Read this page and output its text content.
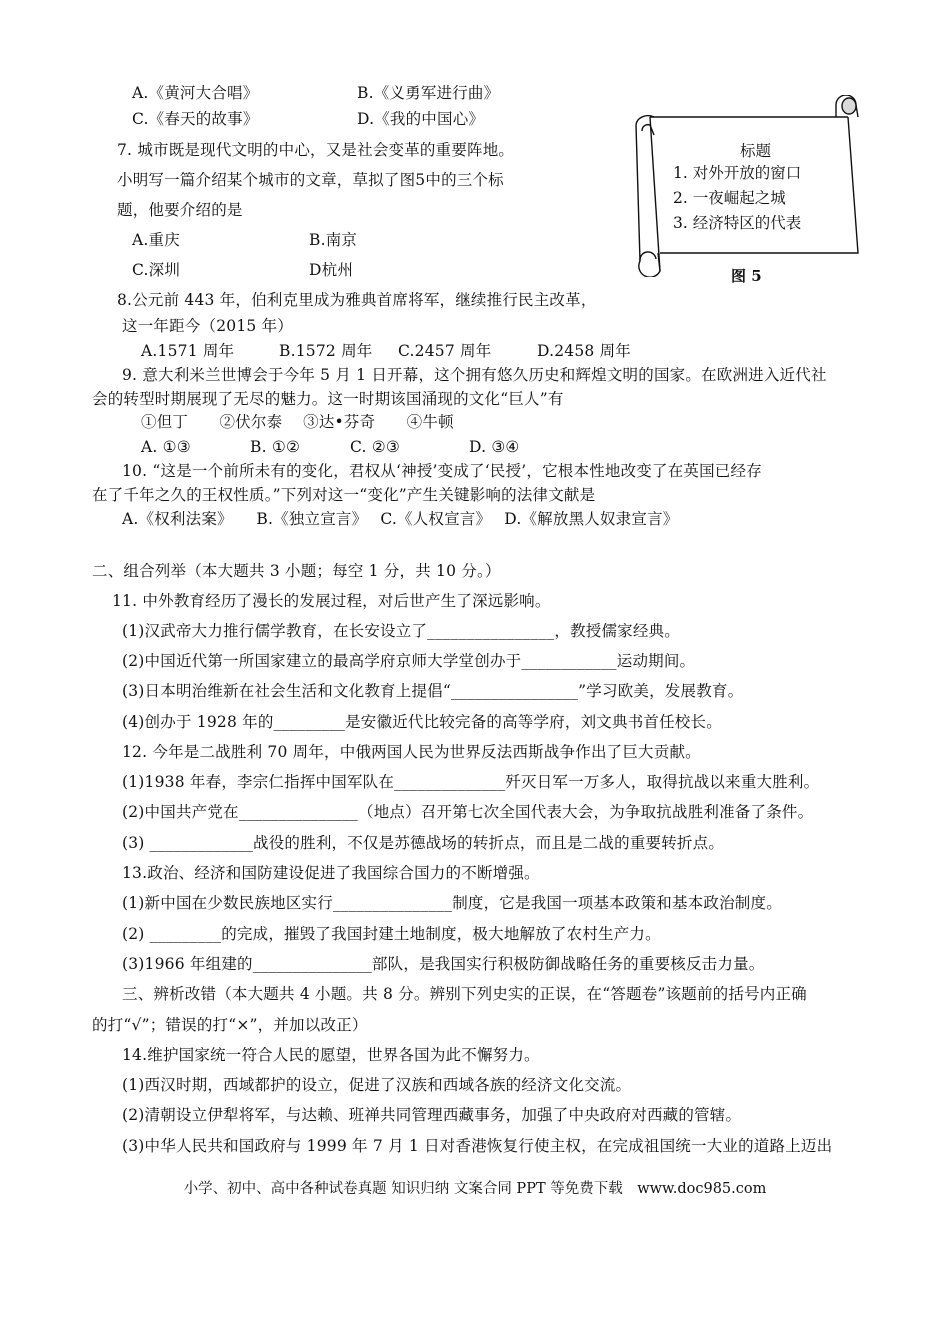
A.《黄河大合唱》	B.《义勇军进行曲》
C.《春天的故事》	D.《我的中国心》
7. 城市既是现代文明的中心，又是社会变革的重要阵地。
小明写一篇介绍某个城市的文章，草拟了图5中的三个标
题，他要介绍的是
A.重庆	B.南京
C.深圳	D杭州
标题
1. 对外开放的窗口
2. 一夜崛起之城
3. 经济特区的代表
图 5
8.公元前 443 年，伯利克里成为雅典首席将军，继续推行民主改革，
这一年距今（2015 年）
A.1571 周年	B.1572 周年 C.2457 周年	D.2458 周年
9. 意大利米兰世博会于今年 5 月 1 日开幕，这个拥有悠久历史和辉煌文明的国家。在欧洲进入近代社
会的转型时期展现了无尽的魅力。这一时期该国涌现的文化“巨人”有
①但丁　　②伏尔泰　 ③达•芬奇　　④牛顿
A. ①③	B. ①②	C. ②③	D. ③④
10. “这是一个前所未有的变化，君权从‘神授’变成了‘民授’，它根本性地改变了在英国已经存
在了千年之久的王权性质。”下列对这一“变化”产生关键影响的法律文献是
A.《权利法案》　　B.《独立宣言》　 C.《人权宣言》　 D.《解放黑人奴隶宣言》
二、组合列举（本大题共 3 小题；每空 1 分，共 10 分。）
11. 中外教育经历了漫长的发展过程，对后世产生了深远影响。
(1)汉武帝大力推行儒学教育，在长安设立了________________，教授儒家经典。
(2)中国近代第一所国家建立的最高学府京师大学堂创办于____________运动期间。
(3)日本明治维新在社会生活和文化教育上提倡“________________”学习欧美，发展教育。
(4)创办于 1928 年的_________是安徽近代比较完备的高等学府，刘文典书首任校长。
12. 今年是二战胜利 70 周年，中俄两国人民为世界反法西斯战争作出了巨大贡献。
(1)1938 年春，李宗仁指挥中国军队在______________歼灭日军一万多人，取得抗战以来重大胜利。
(2)中国共产党在_______________（地点）召开第七次全国代表大会，为争取抗战胜利准备了条件。
(3) _____________战役的胜利，不仅是苏德战场的转折点，而且是二战的重要转折点。
13.政治、经济和国防建设促进了我国综合国力的不断增强。
(1)新中国在少数民族地区实行_______________制度，它是我国一项基本政策和基本政治制度。
(2) _________的完成，摧毁了我国封建土地制度，极大地解放了农村生产力。
(3)1966 年组建的_______________部队，是我国实行积极防御战略任务的重要核反击力量。
三、辨析改错（本大题共 4 小题。共 8 分。辨别下列史实的正误，在“答题卷”该题前的括号内正确
的打“√”；错误的打“×”，并加以改正）
14.维护国家统一符合人民的愿望，世界各国为此不懈努力。
(1)西汉时期，西域都护的设立，促进了汉族和西域各族的经济文化交流。
(2)清朝设立伊犁将军，与达赖、班禅共同管理西藏事务，加强了中央政府对西藏的管辖。
(3)中华人民共和国政府与 1999 年 7 月 1 日对香港恢复行使主权，在完成祖国统一大业的道路上迈出
小学、初中、高中各种试卷真题 知识归纳 文案合同 PPT 等免费下载　www.doc985.com
